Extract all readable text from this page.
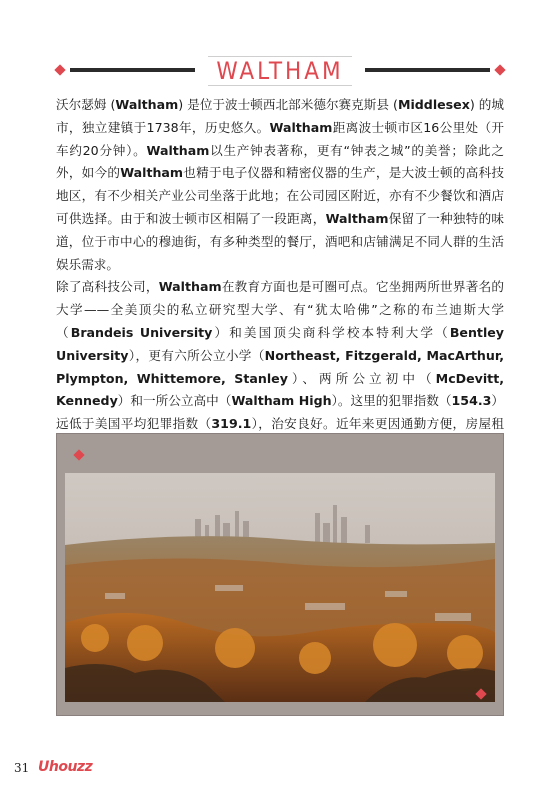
WALTHAM

沃尔瑟姆 (Waltham) 是位于波士顿西北部米德尔赛克斯县 (Middlesex) 的城市，独立建镇于1738年，历史悠久。Waltham距离波士顿市区16公里处（开车约20分钟）。Waltham以生产钟表著称，更有“钟表之城”的美誉；除此之外，如今的Waltham也精于电子仪器和精密仪器的生产，是大波士顿的高科技地区，有不少相关产业公司坐落于此地；在公司园区附近，亦有不少餐饮和酒店可供选择。由于和波士顿市区相隔了一段距离，Waltham保留了一种独特的味道，位于市中心的穆迪街，有多种类型的餐厅，酒吧和店铺满足不同人群的生活娱乐需求。

除了高科技公司，Waltham在教育方面也是可圈可点。它坐拥两所世界著名的大学——全美顶尖的私立研究型大学、有“犹太哈佛”之称的布兰迪斯大学（Brandeis University）和美国顶尖商科学校本特利大学（Bentley University），更有六所公立小学（Northeast, Fitzgerald, MacArthur, Plympton, Whittemore, Stanley）、两所公立初中（McDevitt, Kennedy）和一所公立高中（Waltham High）。这里的犯罪指数（154.3）远低于美国平均犯罪指数（319.1），治安良好。近年来更因通勤方便，房屋租

31 Uhouzz
